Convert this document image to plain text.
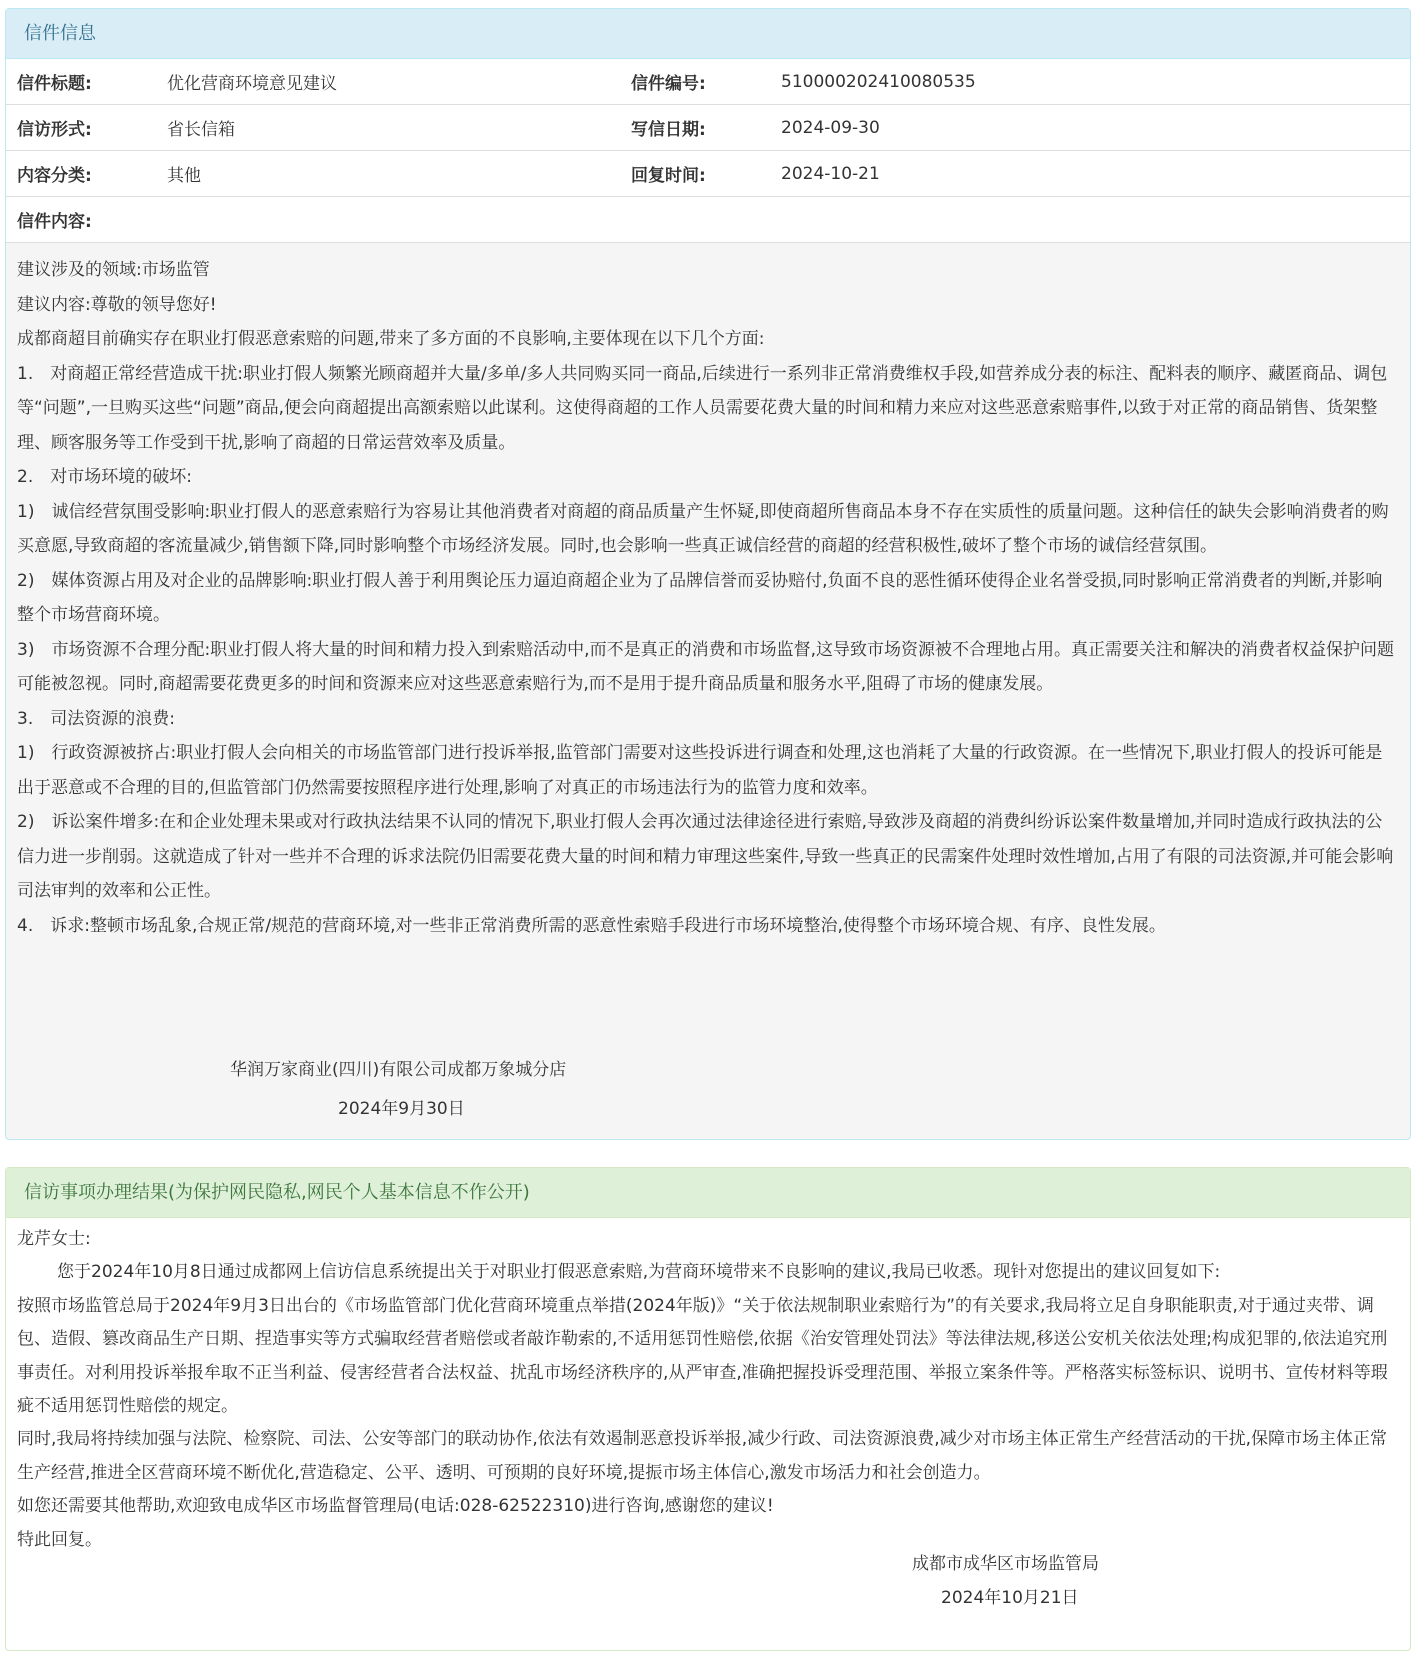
信件信息
信件标题:	优化营商环境意见建议	信件编号:	510000202410080535
信访形式:	省长信箱	写信日期:	2024-09-30
内容分类:	其他	回复时间:	2024-10-21
信件内容:			

建议涉及的领域:市场监管

建议内容:尊敬的领导您好!

成都商超目前确实存在职业打假恶意索赔的问题,带来了多方面的不良影响,主要体现在以下几个方面:

1.　对商超正常经营造成干扰:职业打假人频繁光顾商超并大量/多单/多人共同购买同一商品,后续进行一系列非正常消费维权手段,如营养成分表的标注、配料表的顺序、藏匿商品、调包等“问题”,一旦购买这些“问题”商品,便会向商超提出高额索赔以此谋利。这使得商超的工作人员需要花费大量的时间和精力来应对这些恶意索赔事件,以致于对正常的商品销售、货架整理、顾客服务等工作受到干扰,影响了商超的日常运营效率及质量。

2.　对市场环境的破坏:

1)　诚信经营氛围受影响:职业打假人的恶意索赔行为容易让其他消费者对商超的商品质量产生怀疑,即使商超所售商品本身不存在实质性的质量问题。这种信任的缺失会影响消费者的购买意愿,导致商超的客流量减少,销售额下降,同时影响整个市场经济发展。同时,也会影响一些真正诚信经营的商超的经营积极性,破坏了整个市场的诚信经营氛围。

2)　媒体资源占用及对企业的品牌影响:职业打假人善于利用舆论压力逼迫商超企业为了品牌信誉而妥协赔付,负面不良的恶性循环使得企业名誉受损,同时影响正常消费者的判断,并影响整个市场营商环境。

3)　市场资源不合理分配:职业打假人将大量的时间和精力投入到索赔活动中,而不是真正的消费和市场监督,这导致市场资源被不合理地占用。真正需要关注和解决的消费者权益保护问题可能被忽视。同时,商超需要花费更多的时间和资源来应对这些恶意索赔行为,而不是用于提升商品质量和服务水平,阻碍了市场的健康发展。

3.　司法资源的浪费:

1)　行政资源被挤占:职业打假人会向相关的市场监管部门进行投诉举报,监管部门需要对这些投诉进行调查和处理,这也消耗了大量的行政资源。在一些情况下,职业打假人的投诉可能是出于恶意或不合理的目的,但监管部门仍然需要按照程序进行处理,影响了对真正的市场违法行为的监管力度和效率。

2)　诉讼案件增多:在和企业处理未果或对行政执法结果不认同的情况下,职业打假人会再次通过法律途径进行索赔,导致涉及商超的消费纠纷诉讼案件数量增加,并同时造成行政执法的公信力进一步削弱。这就造成了针对一些并不合理的诉求法院仍旧需要花费大量的时间和精力审理这些案件,导致一些真正的民需案件处理时效性增加,占用了有限的司法资源,并可能会影响司法审判的效率和公正性。

4.　诉求:整顿市场乱象,合规正常/规范的营商环境,对一些非正常消费所需的恶意性索赔手段进行市场环境整治,使得整个市场环境合规、有序、良性发展。

华润万家商业(四川)有限公司成都万象城分店
2024年9月30日
信访事项办理结果(为保护网民隐私,网民个人基本信息不作公开)

龙芹女士:

您于2024年10月8日通过成都网上信访信息系统提出关于对职业打假恶意索赔,为营商环境带来不良影响的建议,我局已收悉。现针对您提出的建议回复如下:

按照市场监管总局于2024年9月3日出台的《市场监管部门优化营商环境重点举措(2024年版)》“关于依法规制职业索赔行为”的有关要求,我局将立足自身职能职责,对于通过夹带、调包、造假、篡改商品生产日期、捏造事实等方式骗取经营者赔偿或者敲诈勒索的,不适用惩罚性赔偿,依据《治安管理处罚法》等法律法规,移送公安机关依法处理;构成犯罪的,依法追究刑事责任。对利用投诉举报牟取不正当利益、侵害经营者合法权益、扰乱市场经济秩序的,从严审查,准确把握投诉受理范围、举报立案条件等。严格落实标签标识、说明书、宣传材料等瑕疵不适用惩罚性赔偿的规定。

同时,我局将持续加强与法院、检察院、司法、公安等部门的联动协作,依法有效遏制恶意投诉举报,减少行政、司法资源浪费,减少对市场主体正常生产经营活动的干扰,保障市场主体正常生产经营,推进全区营商环境不断优化,营造稳定、公平、透明、可预期的良好环境,提振市场主体信心,激发市场活力和社会创造力。

如您还需要其他帮助,欢迎致电成华区市场监督管理局(电话:028-62522310)进行咨询,感谢您的建议!

特此回复。

成都市成华区市场监管局
2024年10月21日
